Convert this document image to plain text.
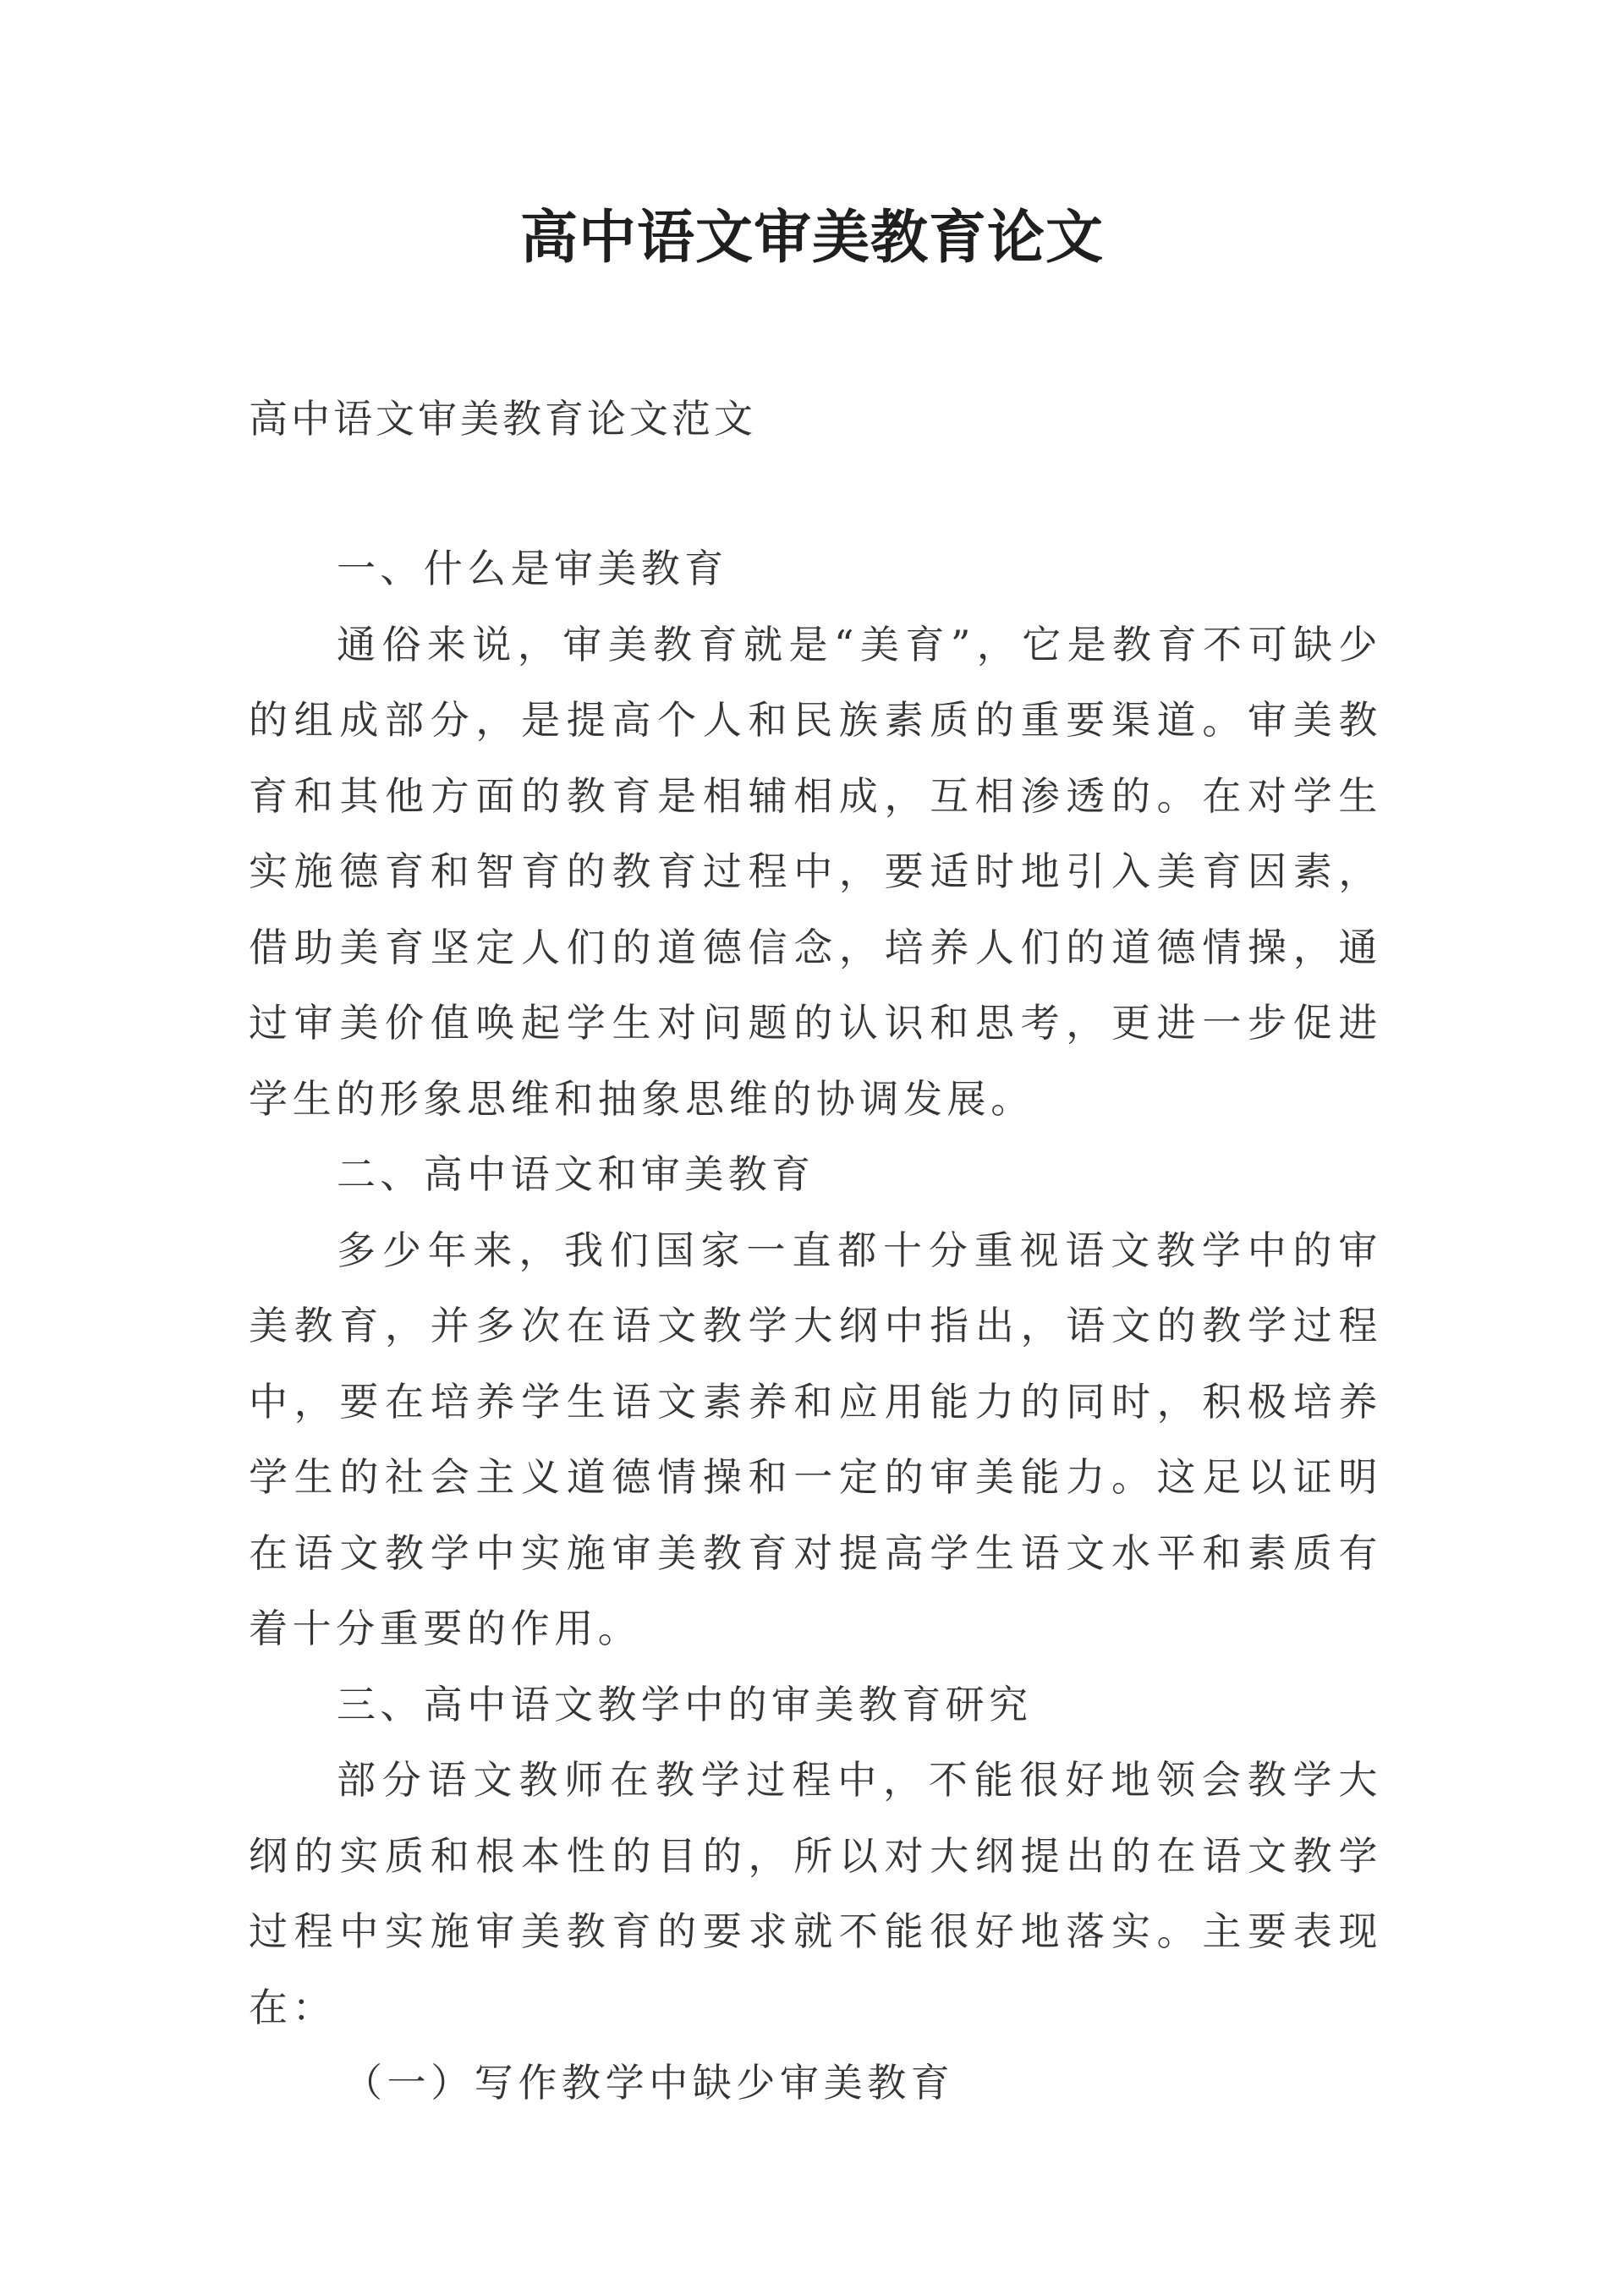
高中语文审美教育论文
高中语文审美教育论文范文

一、什么是审美教育

通俗来说，审美教育就是“美育”，它是教育不可缺少的组成部分，是提高个人和民族素质的重要渠道。审美教育和其他方面的教育是相辅相成，互相渗透的。在对学生实施德育和智育的教育过程中，要适时地引入美育因素，借助美育坚定人们的道德信念，培养人们的道德情操，通过审美价值唤起学生对问题的认识和思考，更进一步促进学生的形象思维和抽象思维的协调发展。

二、高中语文和审美教育

多少年来，我们国家一直都十分重视语文教学中的审美教育，并多次在语文教学大纲中指出，语文的教学过程中，要在培养学生语文素养和应用能力的同时，积极培养学生的社会主义道德情操和一定的审美能力。这足以证明在语文教学中实施审美教育对提高学生语文水平和素质有着十分重要的作用。

三、高中语文教学中的审美教育研究

部分语文教师在教学过程中，不能很好地领会教学大纲的实质和根本性的目的，所以对大纲提出的在语文教学过程中实施审美教育的要求就不能很好地落实。主要表现在：

（一）写作教学中缺少审美教育
